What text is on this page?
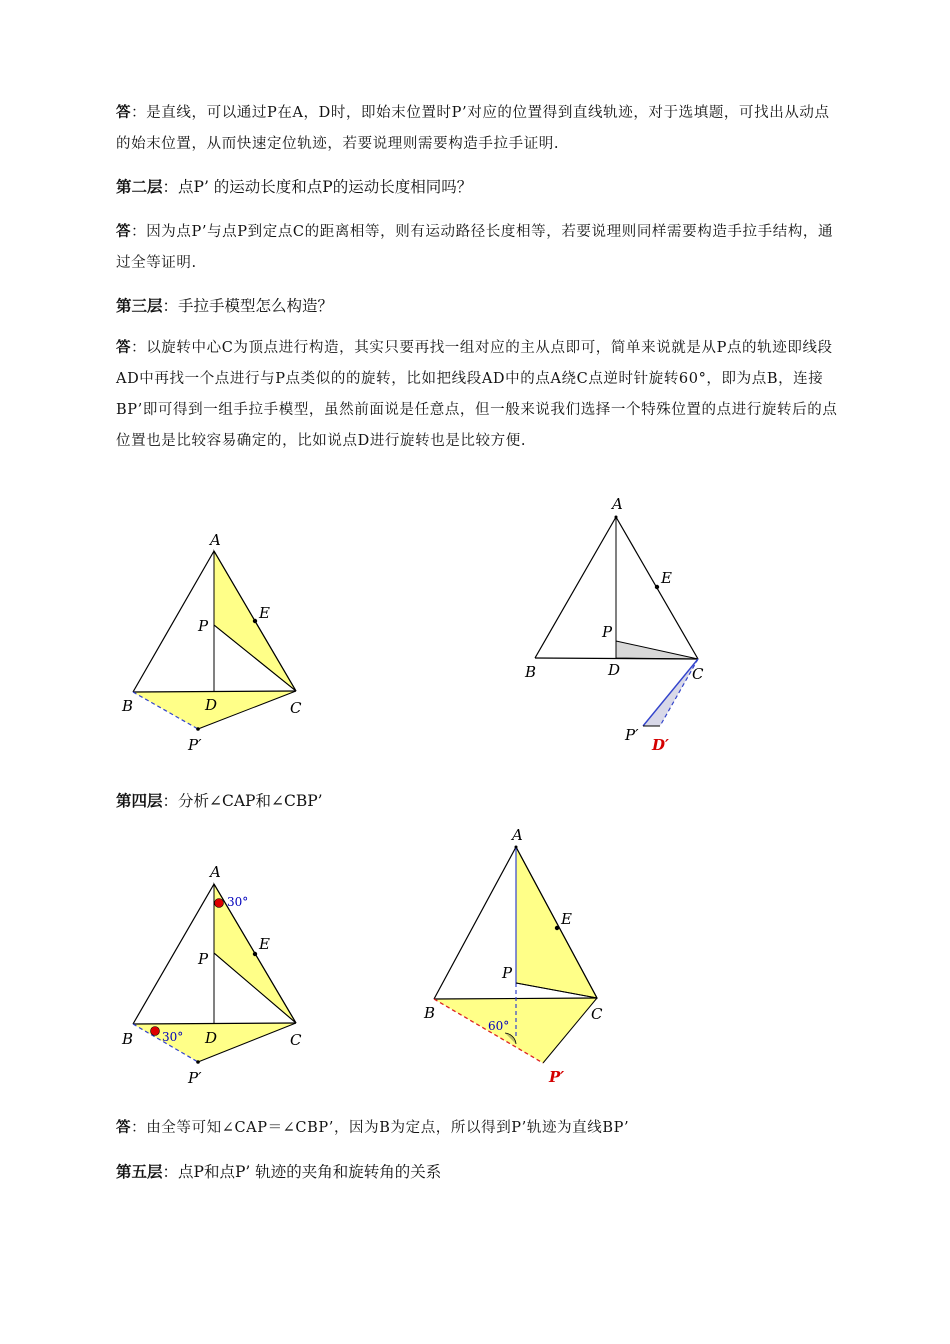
答：是直线，可以通过P在A，D时，即始末位置时P’对应的位置得到直线轨迹，对于选填题，可找出从动点的始末位置，从而快速定位轨迹，若要说理则需要构造手拉手证明.
第二层：点P’ 的运动长度和点P的运动长度相同吗？
答：因为点P’与点P到定点C的距离相等，则有运动路径长度相等，若要说理则同样需要构造手拉手结构，通过全等证明.
第三层：手拉手模型怎么构造？
答：以旋转中心C为顶点进行构造，其实只要再找一组对应的主从点即可，简单来说就是从P点的轨迹即线段AD中再找一个点进行与P点类似的的旋转，比如把线段AD中的点A绕C点逆时针旋转60°，即为点B，连接BP’即可得到一组手拉手模型，虽然前面说是任意点，但一般来说我们选择一个特殊位置的点进行旋转后的点位置也是比较容易确定的，比如说点D进行旋转也是比较方便.
A
B	C
D
E
P
P′
A
B	C
D
E
P
P′
D′
第四层：分析∠CAP和∠CBP’
A
B	C
D
E
P
P′
30°
30°
A
B	C
E
P
P′
60°
答：由全等可知∠CAP＝∠CBP’，因为B为定点，所以得到P’轨迹为直线BP’
第五层：点P和点P’ 轨迹的夹角和旋转角的关系
